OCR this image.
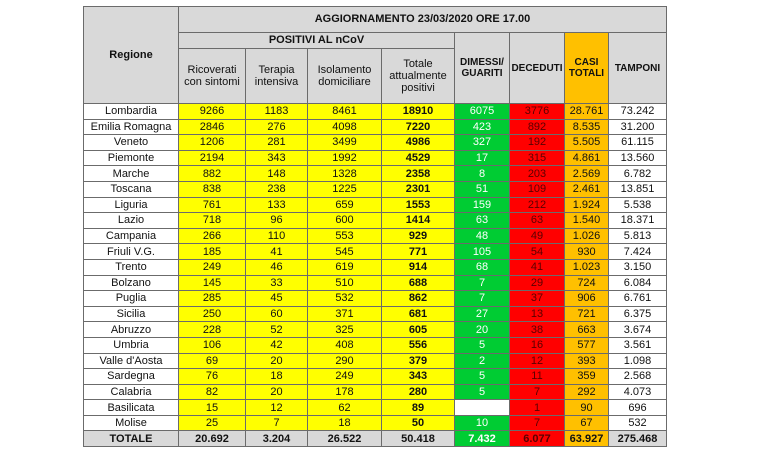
Regione	AGGIORNAMENTO 23/03/2020 ORE 17.00							
	POSITIVI AL nCoV				DIMESSI/ GUARITI	DECEDUTI	CASI TOTALI	TAMPONI
	Ricoverati con sintomi	Terapia intensiva	Isolamento domiciliare	Totale attualmente positivi				
Lombardia	9266	1183	8461	18910	6075	3776	28.761	73.242
Emilia Romagna	2846	276	4098	7220	423	892	8.535	31.200
Veneto	1206	281	3499	4986	327	192	5.505	61.115
Piemonte	2194	343	1992	4529	17	315	4.861	13.560
Marche	882	148	1328	2358	8	203	2.569	6.782
Toscana	838	238	1225	2301	51	109	2.461	13.851
Liguria	761	133	659	1553	159	212	1.924	5.538
Lazio	718	96	600	1414	63	63	1.540	18.371
Campania	266	110	553	929	48	49	1.026	5.813
Friuli V.G.	185	41	545	771	105	54	930	7.424
Trento	249	46	619	914	68	41	1.023	3.150
Bolzano	145	33	510	688	7	29	724	6.084
Puglia	285	45	532	862	7	37	906	6.761
Sicilia	250	60	371	681	27	13	721	6.375
Abruzzo	228	52	325	605	20	38	663	3.674
Umbria	106	42	408	556	5	16	577	3.561
Valle d'Aosta	69	20	290	379	2	12	393	1.098
Sardegna	76	18	249	343	5	11	359	2.568
Calabria	82	20	178	280	5	7	292	4.073
Basilicata	15	12	62	89		1	90	696
Molise	25	7	18	50	10	7	67	532
TOTALE	20.692	3.204	26.522	50.418	7.432	6.077	63.927	275.468
